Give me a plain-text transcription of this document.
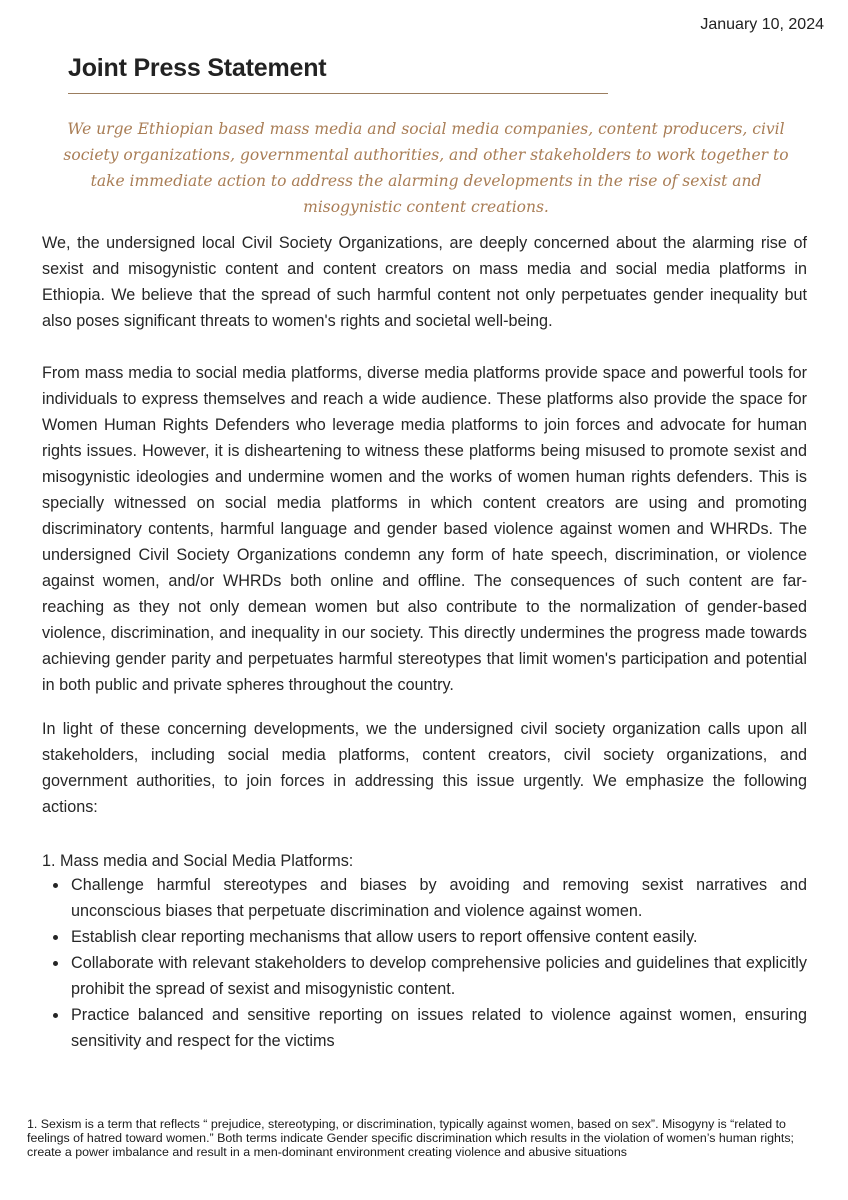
January 10, 2024
Joint Press Statement
We urge Ethiopian based mass media and social media companies, content producers, civil society organizations, governmental authorities, and other stakeholders to work together to take immediate action to address the alarming developments in the rise of sexist and misogynistic content creations.
We, the undersigned local Civil Society Organizations, are deeply concerned about the alarming rise of sexist and misogynistic content and content creators on mass media and social media platforms in Ethiopia. We believe that the spread of such harmful content not only perpetuates gender inequality but also poses significant threats to women's rights and societal well-being.
From mass media to social media platforms, diverse media platforms provide space and powerful tools for individuals to express themselves and reach a wide audience. These platforms also provide the space for Women Human Rights Defenders who leverage media platforms to join forces and advocate for human rights issues. However, it is disheartening to witness these platforms being misused to promote sexist and misogynistic ideologies and undermine women and the works of women human rights defenders. This is specially witnessed on social media platforms in which content creators are using and promoting discriminatory contents, harmful language and gender based violence against women and WHRDs. The undersigned Civil Society Organizations condemn any form of hate speech, discrimination, or violence against women, and/or WHRDs both online and offline. The consequences of such content are far-reaching as they not only demean women but also contribute to the normalization of gender-based violence, discrimination, and inequality in our society. This directly undermines the progress made towards achieving gender parity and perpetuates harmful stereotypes that limit women's participation and potential in both public and private spheres throughout the country.
In light of these concerning developments, we the undersigned civil society organization calls upon all stakeholders, including social media platforms, content creators, civil society organizations, and government authorities, to join forces in addressing this issue urgently. We emphasize the following actions:
1. Mass media and Social Media Platforms:
Challenge harmful stereotypes and biases by avoiding and removing sexist narratives and unconscious biases that perpetuate discrimination and violence against women.
Establish clear reporting mechanisms that allow users to report offensive content easily.
Collaborate with relevant stakeholders to develop comprehensive policies and guidelines that explicitly prohibit the spread of sexist and misogynistic content.
Practice balanced and sensitive reporting on issues related to violence against women, ensuring sensitivity and respect for the victims
1. Sexism is a term that reflects “ prejudice, stereotyping, or discrimination, typically against women, based on sex”. Misogyny is “related to feelings of hatred toward women.” Both terms indicate Gender specific discrimination which results in the violation of women’s human rights; create a power imbalance and result in a men-dominant environment creating violence and abusive situations
